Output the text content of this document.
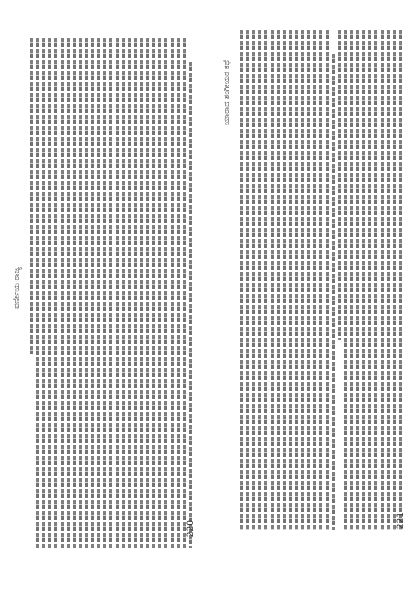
ವರ್ಣೀಯ ರಾಜ್ಯ
220
ಯಾರಾದ ಶಂಗೀಯರ ಕಥೆ
221
